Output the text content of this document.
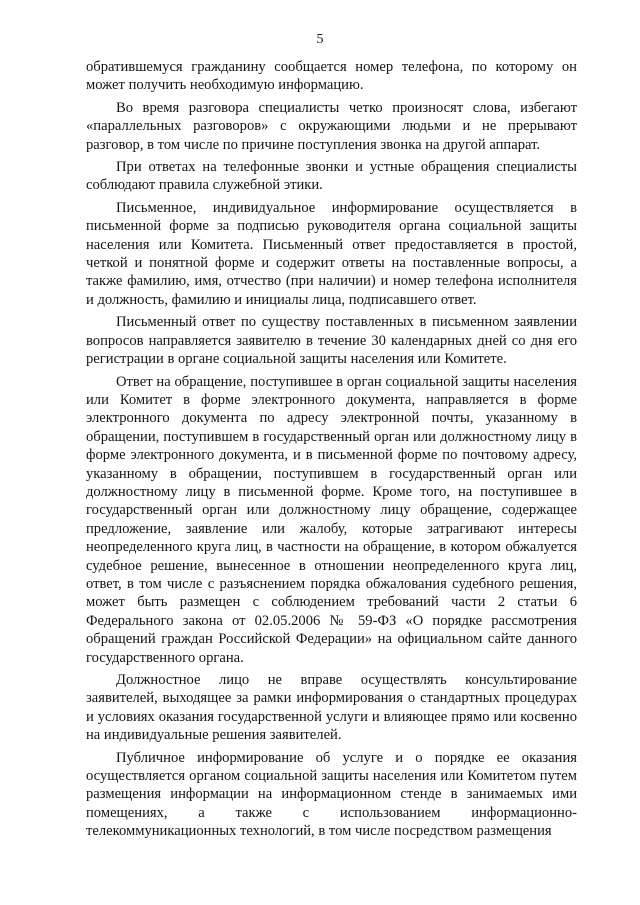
5

обратившемуся гражданину сообщается номер телефона, по которому он может получить необходимую информацию.

Во время разговора специалисты четко произносят слова, избегают «параллельных разговоров» с окружающими людьми и не прерывают разговор, в том числе по причине поступления звонка на другой аппарат.

При ответах на телефонные звонки и устные обращения специалисты соблюдают правила служебной этики.

Письменное, индивидуальное информирование осуществляется в письменной форме за подписью руководителя органа социальной защиты населения или Комитета. Письменный ответ предоставляется в простой, четкой и понятной форме и содержит ответы на поставленные вопросы, а также фамилию, имя, отчество (при наличии) и номер телефона исполнителя и должность, фамилию и инициалы лица, подписавшего ответ.

Письменный ответ по существу поставленных в письменном заявлении вопросов направляется заявителю в течение 30 календарных дней со дня его регистрации в органе социальной защиты населения или Комитете.

Ответ на обращение, поступившее в орган социальной защиты населения или Комитет в форме электронного документа, направляется в форме электронного документа по адресу электронной почты, указанному в обращении, поступившем в государственный орган или должностному лицу в форме электронного документа, и в письменной форме по почтовому адресу, указанному в обращении, поступившем в государственный орган или должностному лицу в письменной форме. Кроме того, на поступившее в государственный орган или должностному лицу обращение, содержащее предложение, заявление или жалобу, которые затрагивают интересы неопределенного круга лиц, в частности на обращение, в котором обжалуется судебное решение, вынесенное в отношении неопределенного круга лиц, ответ, в том числе с разъяснением порядка обжалования судебного решения, может быть размещен с соблюдением требований части 2 статьи 6 Федерального закона от 02.05.2006 № 59-ФЗ «О порядке рассмотрения обращений граждан Российской Федерации» на официальном сайте данного государственного органа.

Должностное лицо не вправе осуществлять консультирование заявителей, выходящее за рамки информирования о стандартных процедурах и условиях оказания государственной услуги и влияющее прямо или косвенно на индивидуальные решения заявителей.

Публичное информирование об услуге и о порядке ее оказания осуществляется органом социальной защиты населения или Комитетом путем размещения информации на информационном стенде в занимаемых ими помещениях, а также с использованием информационно-телекоммуникационных технологий, в том числе посредством размещения
